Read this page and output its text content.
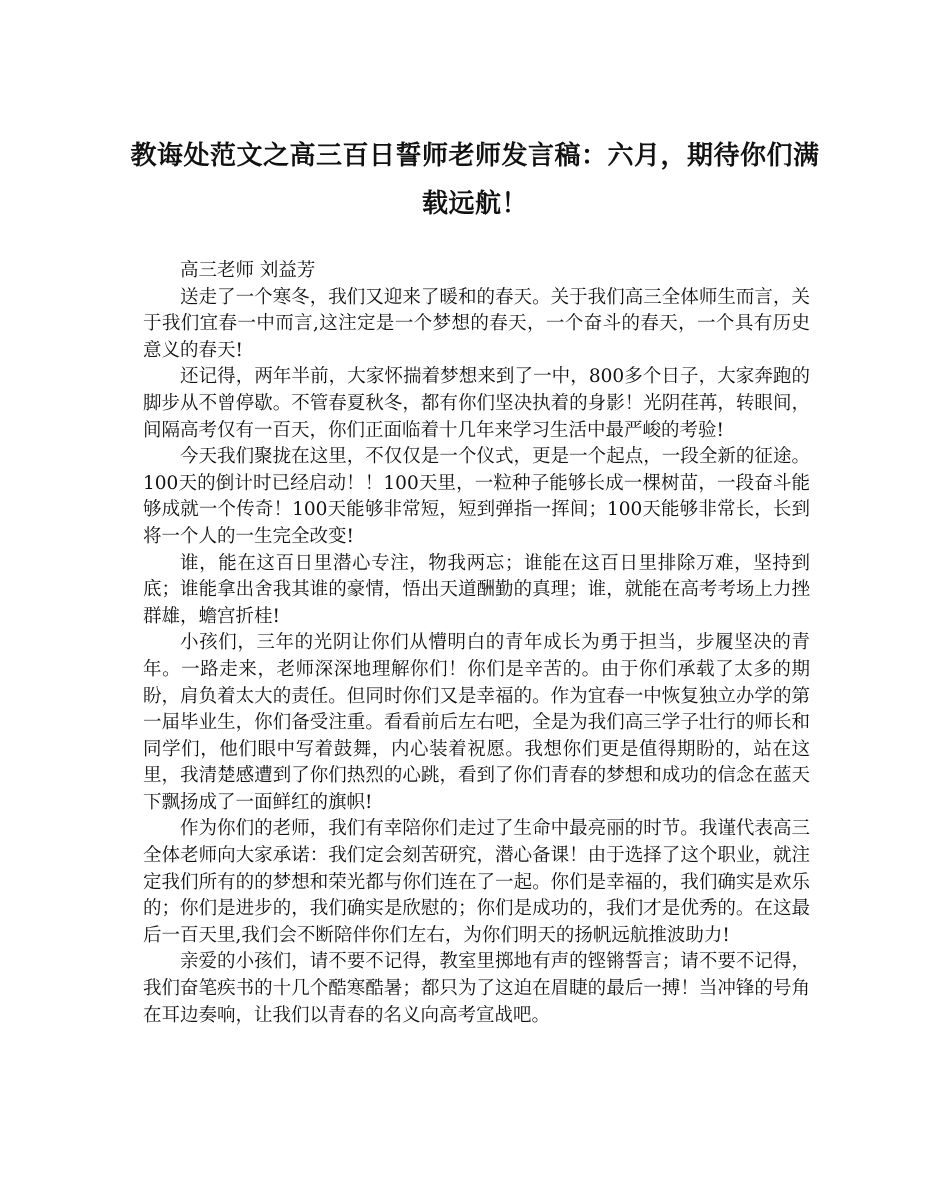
教诲处范文之高三百日誓师老师发言稿：六月，期待你们满载远航！

高三老师 刘益芳

送走了一个寒冬，我们又迎来了暖和的春天。关于我们高三全体师生而言，关于我们宜春一中而言,这注定是一个梦想的春天，一个奋斗的春天，一个具有历史意义的春天!

还记得，两年半前，大家怀揣着梦想来到了一中，800多个日子，大家奔跑的脚步从不曾停歇。不管春夏秋冬，都有你们坚决执着的身影！光阴荏苒，转眼间，间隔高考仅有一百天，你们正面临着十几年来学习生活中最严峻的考验!

今天我们聚拢在这里，不仅仅是一个仪式，更是一个起点，一段全新的征途。100天的倒计时已经启动！！100天里，一粒种子能够长成一棵树苗，一段奋斗能够成就一个传奇！100天能够非常短，短到弹指一挥间；100天能够非常长，长到将一个人的一生完全改变!

谁，能在这百日里潜心专注，物我两忘；谁能在这百日里排除万难，坚持到底；谁能拿出舍我其谁的豪情，悟出天道酬勤的真理；谁，就能在高考考场上力挫群雄，蟾宫折桂!

小孩们，三年的光阴让你们从懵明白的青年成长为勇于担当，步履坚决的青年。一路走来，老师深深地理解你们！你们是辛苦的。由于你们承载了太多的期盼，肩负着太大的责任。但同时你们又是幸福的。作为宜春一中恢复独立办学的第一届毕业生，你们备受注重。看看前后左右吧，全是为我们高三学子壮行的师长和同学们，他们眼中写着鼓舞，内心装着祝愿。我想你们更是值得期盼的，站在这里，我清楚感遭到了你们热烈的心跳，看到了你们青春的梦想和成功的信念在蓝天下飘扬成了一面鲜红的旗帜!

作为你们的老师，我们有幸陪你们走过了生命中最亮丽的时节。我谨代表高三全体老师向大家承诺：我们定会刻苦研究，潜心备课！由于选择了这个职业，就注定我们所有的的梦想和荣光都与你们连在了一起。你们是幸福的，我们确实是欢乐的；你们是进步的，我们确实是欣慰的；你们是成功的，我们才是优秀的。在这最后一百天里,我们会不断陪伴你们左右，为你们明天的扬帆远航推波助力!

亲爱的小孩们，请不要不记得，教室里掷地有声的铿锵誓言；请不要不记得，我们奋笔疾书的十几个酷寒酷暑；都只为了这迫在眉睫的最后一搏！当冲锋的号角在耳边奏响，让我们以青春的名义向高考宣战吧。
